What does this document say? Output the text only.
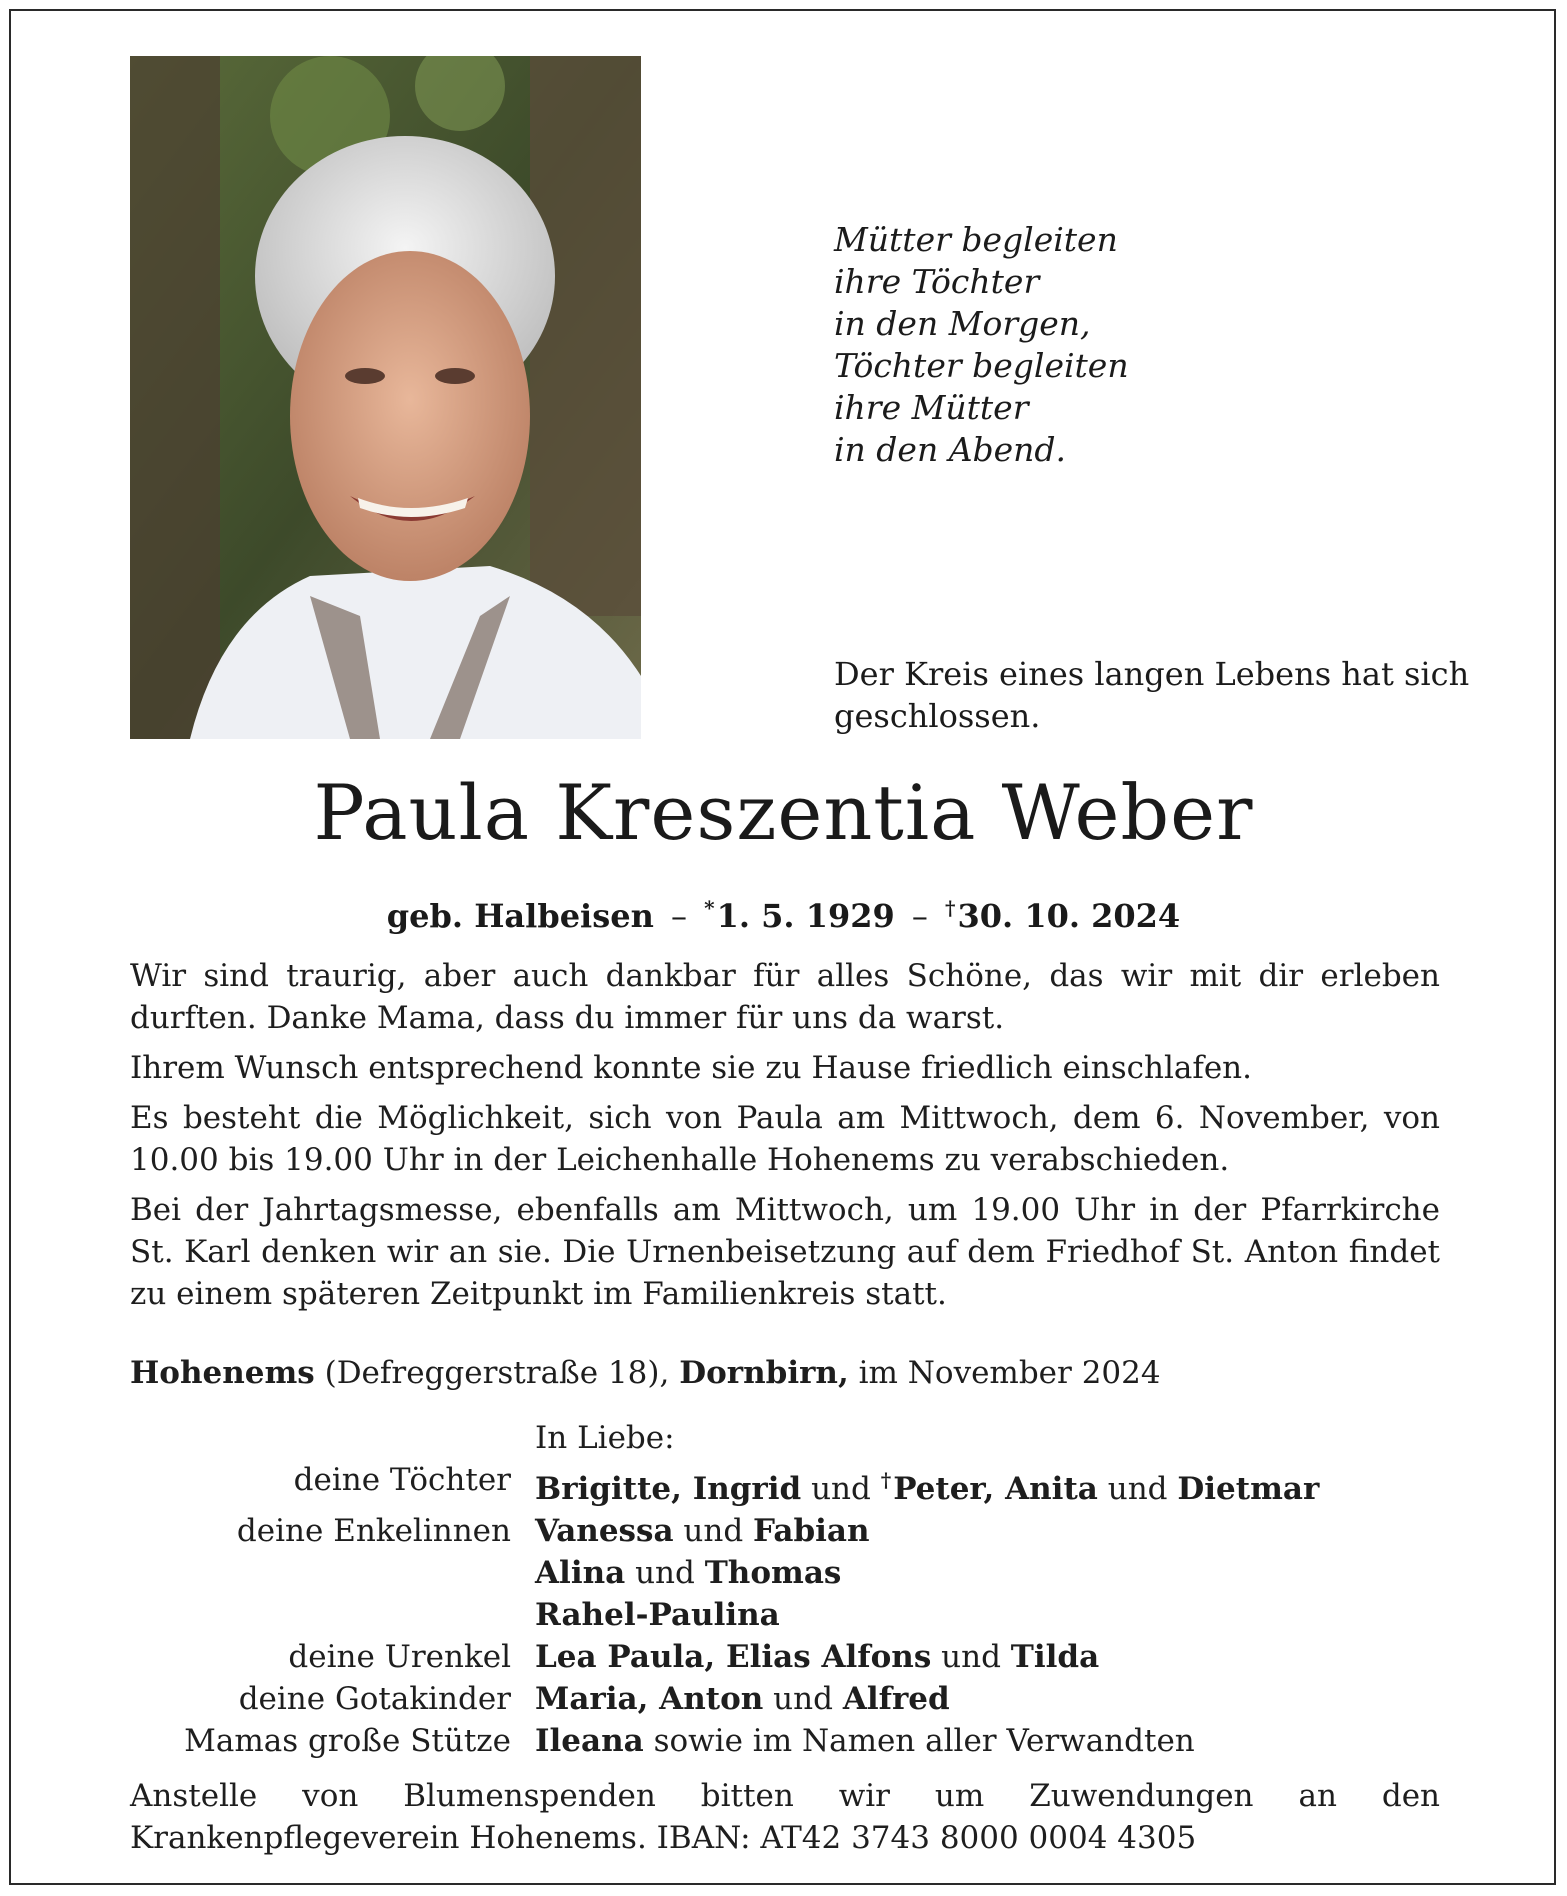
Mütter begleiten
ihre Töchter
in den Morgen,
Töchter begleiten
ihre Mütter
in den Abend.
Der Kreis eines langen Lebens hat sich geschlossen.
Paula Kreszentia Weber
geb. Halbeisen – *1. 5. 1929 – †30. 10. 2024

Wir sind traurig, aber auch dankbar für alles Schöne, das wir mit dir erleben durften. Danke Mama, dass du immer für uns da warst.

Ihrem Wunsch entsprechend konnte sie zu Hause friedlich einschlafen.

Es besteht die Möglichkeit, sich von Paula am Mittwoch, dem 6. November, von 10.00 bis 19.00 Uhr in der Leichenhalle Hohenems zu verabschieden.

Bei der Jahrtagsmesse, ebenfalls am Mittwoch, um 19.00 Uhr in der Pfarrkirche St. Karl denken wir an sie. Die Urnenbeisetzung auf dem Friedhof St. Anton findet zu einem späteren Zeitpunkt im Familienkreis statt.

Hohenems (Defreggerstraße 18), Dornbirn, im November 2024
In Liebe:
deine Töchter Brigitte, Ingrid und †Peter, Anita und Dietmar
deine Enkelinnen Vanessa und Fabian
Alina und Thomas
Rahel-Paulina
deine Urenkel Lea Paula, Elias Alfons und Tilda
deine Gotakinder Maria, Anton und Alfred
Mamas große Stütze Ileana sowie im Namen aller Verwandten
Anstelle von Blumenspenden bitten wir um Zuwendungen an den Krankenpflegeverein Hohenems. IBAN: AT42 3743 8000 0004 4305
